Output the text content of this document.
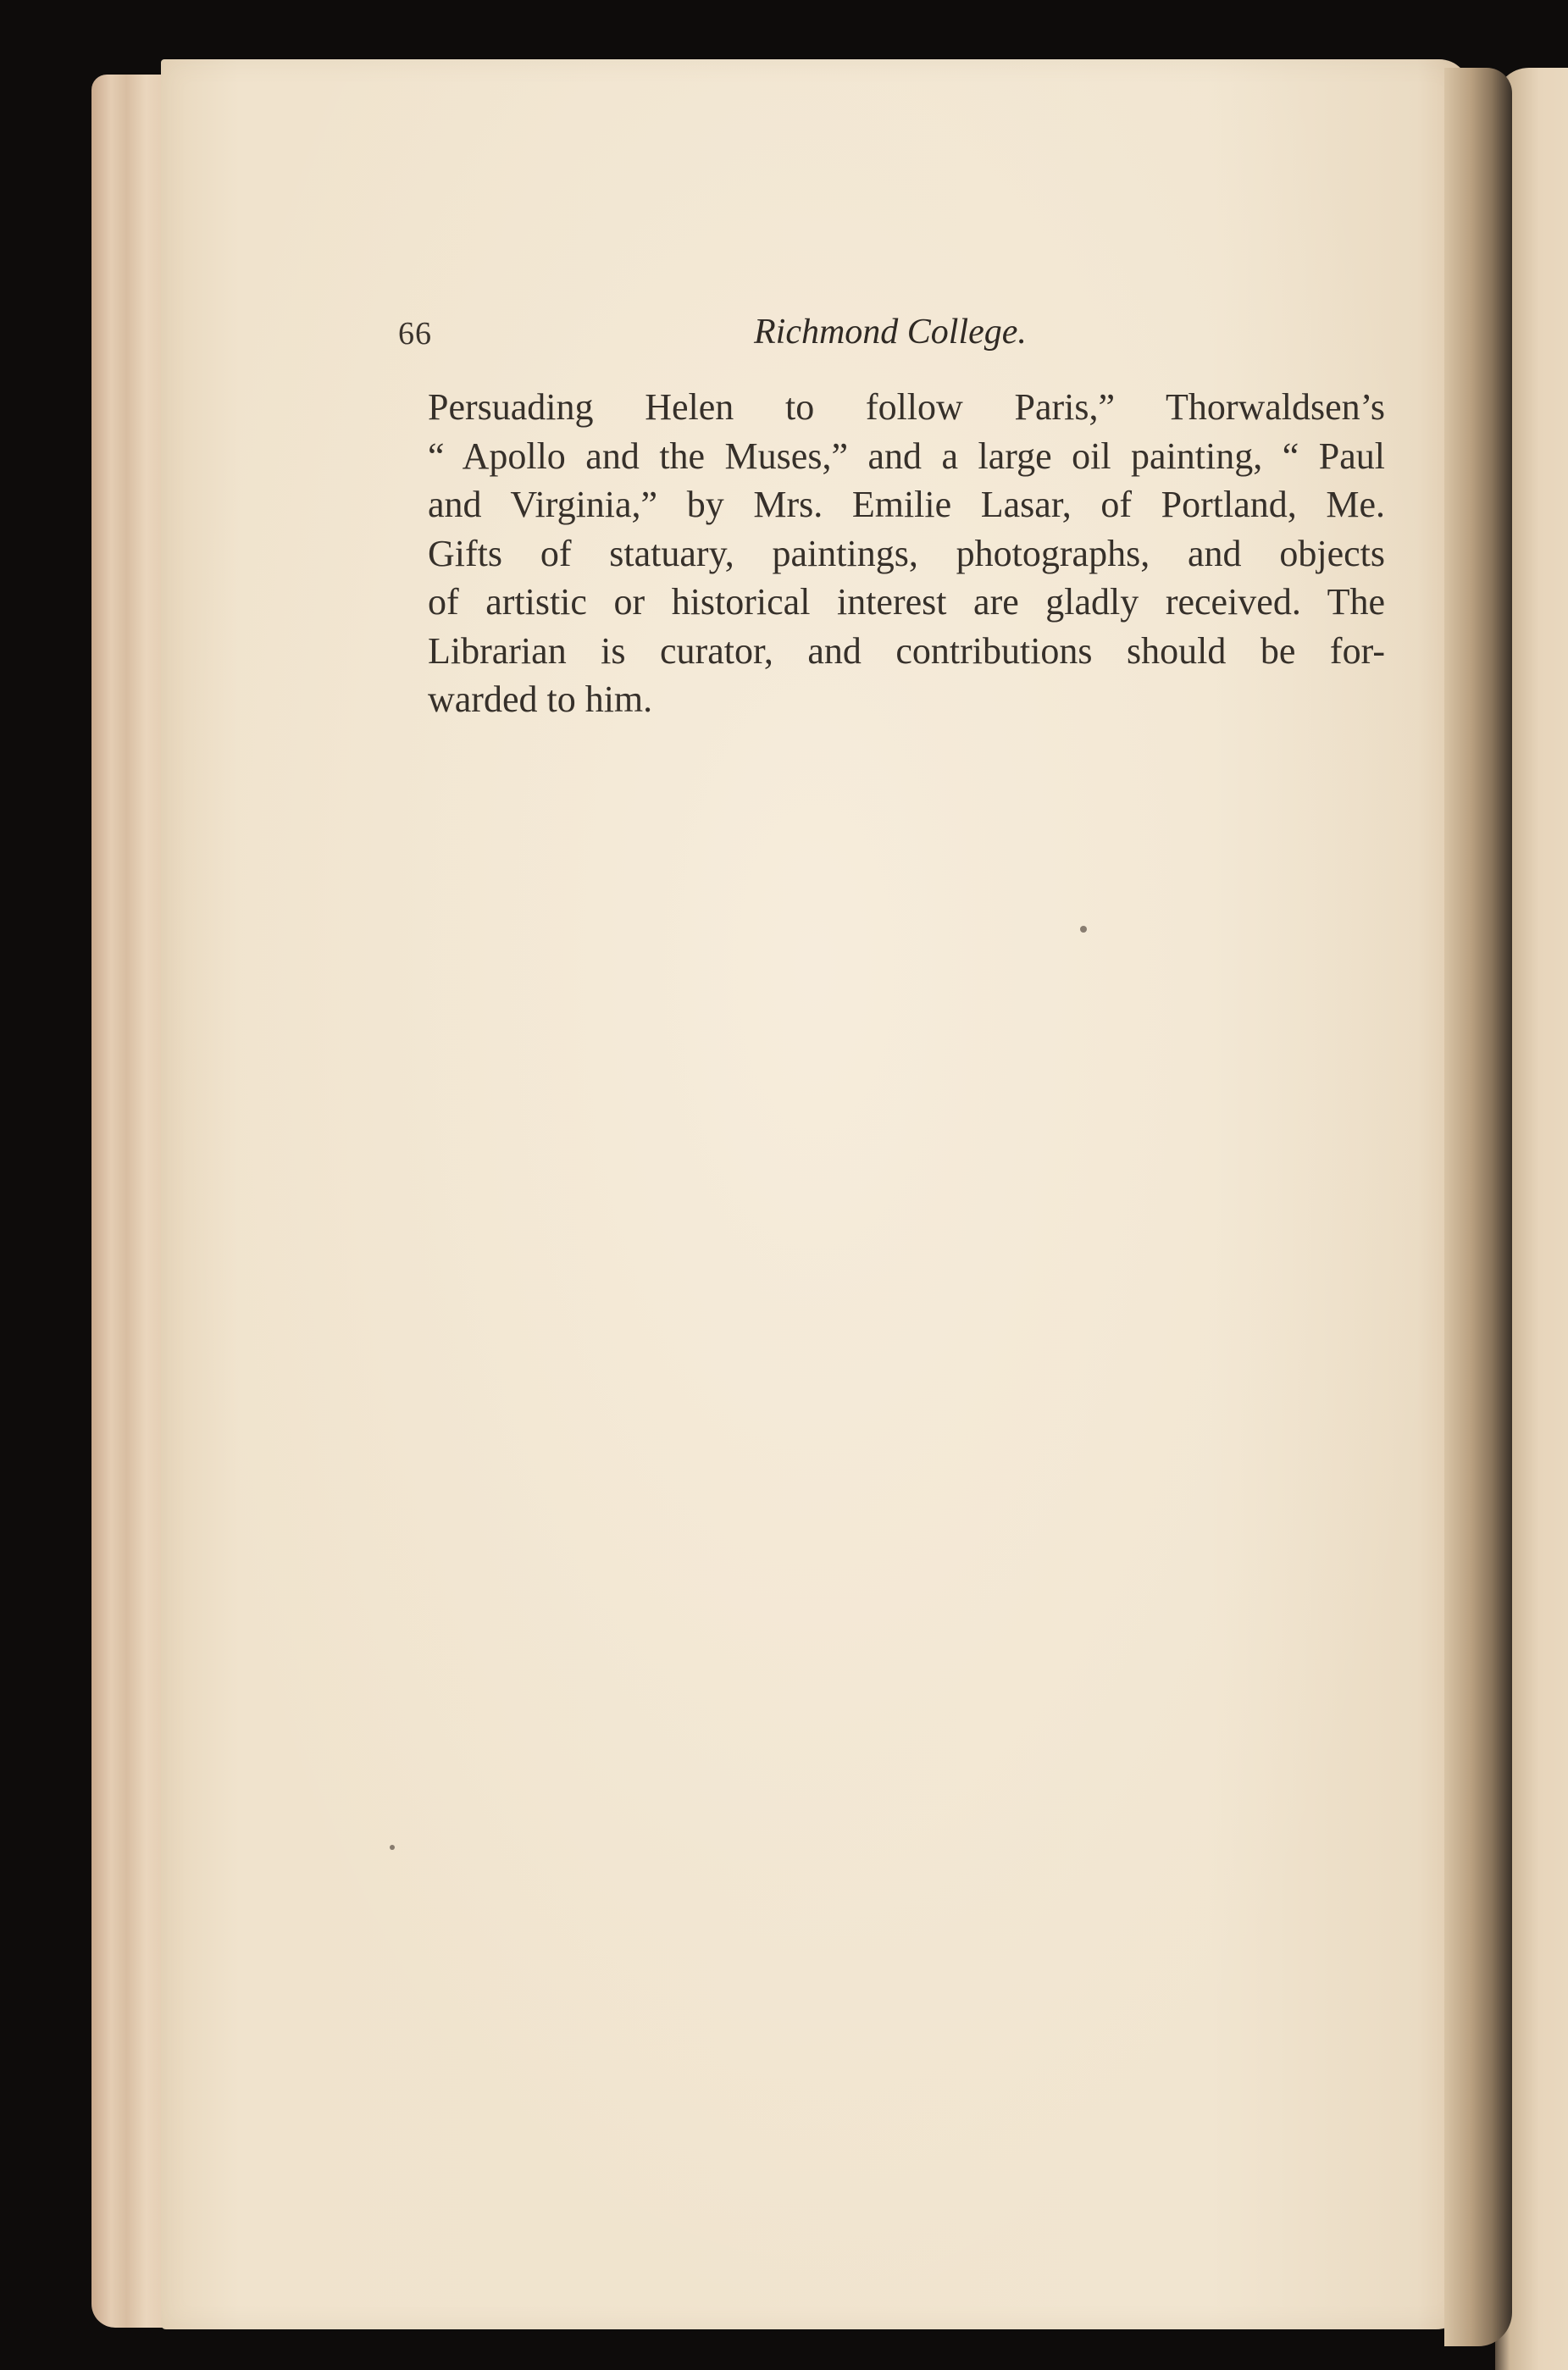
66	Richmond College.

Persuading Helen to follow Paris,” Thorwaldsen’s
“ Apollo and the Muses,” and a large oil painting, “ Paul
and Virginia,” by Mrs. Emilie Lasar, of Portland, Me.
Gifts of statuary, paintings, photographs, and objects
of artistic or historical interest are gladly received. The
Librarian is curator, and contributions should be for-
warded to him.
